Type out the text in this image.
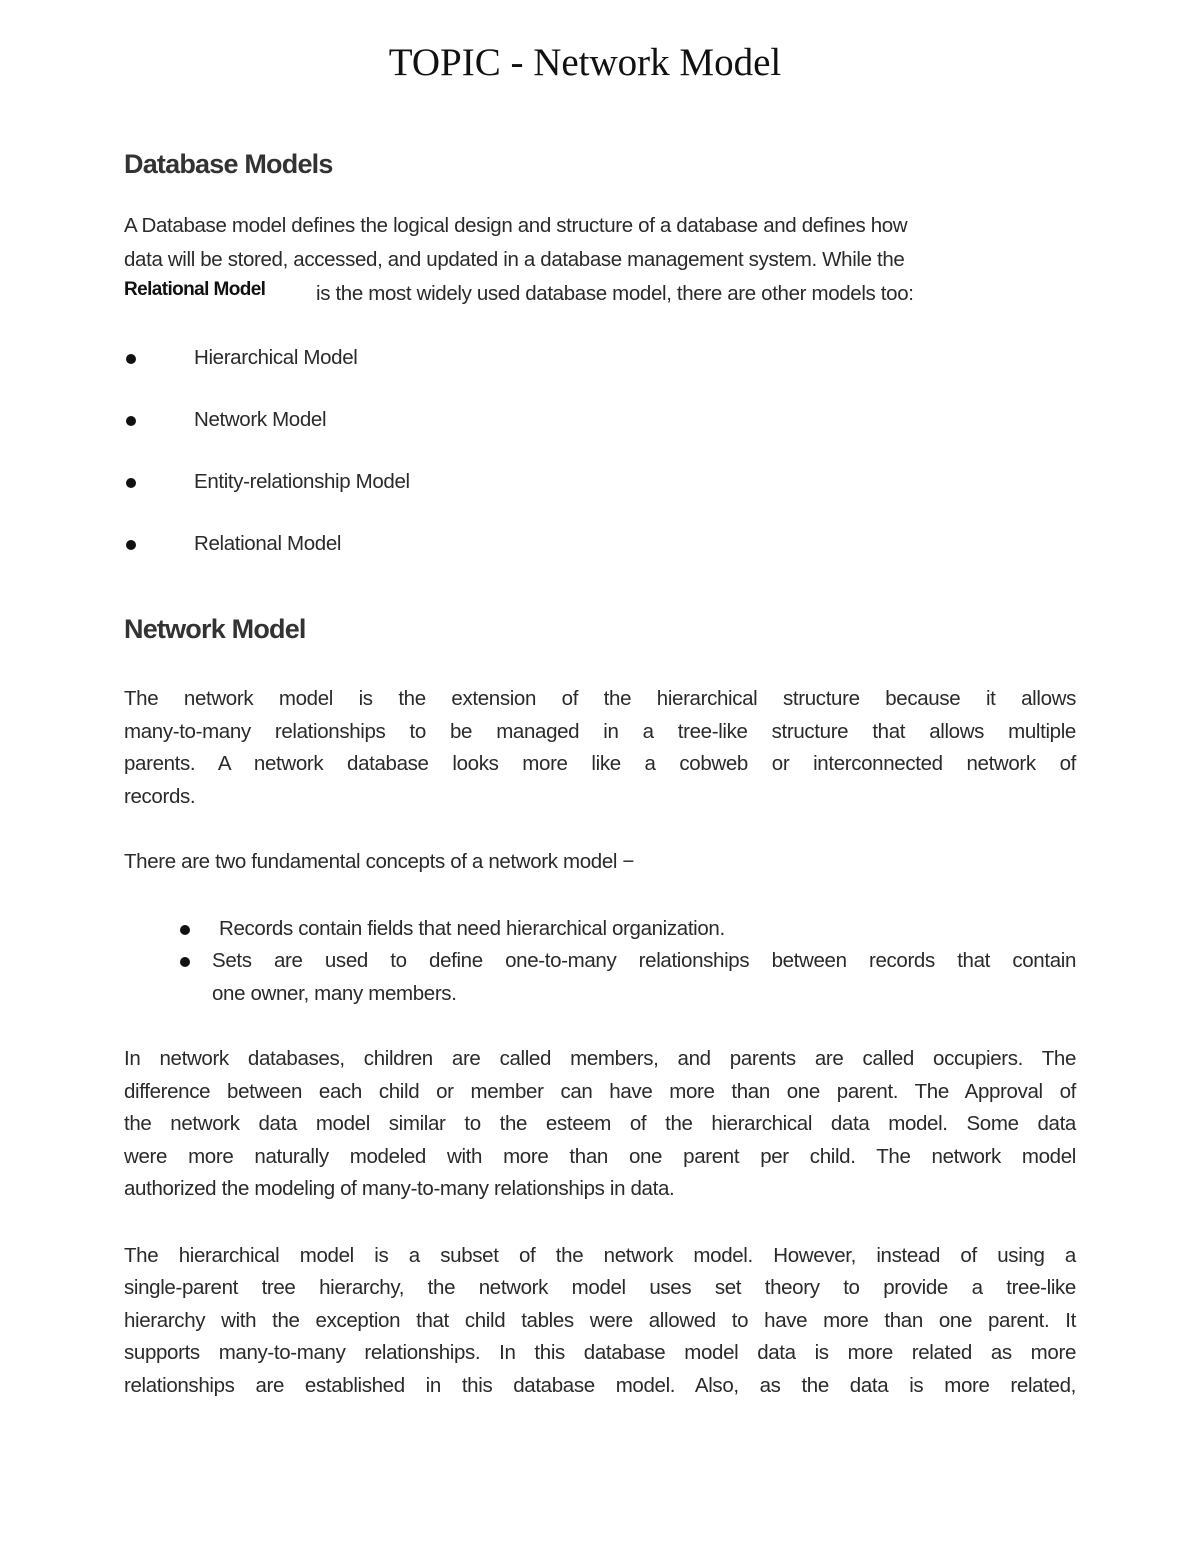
TOPIC - Network Model
Database Models
A Database model defines the logical design and structure of a database and defines how
data will be stored, accessed, and updated in a database management system. While the
Relational Model is the most widely used database model, there are other models too:
Hierarchical Model
Network Model
Entity-relationship Model
Relational Model
Network Model
The network model is the extension of the hierarchical structure because it allows
many-to-many relationships to be managed in a tree-like structure that allows multiple
parents. A network database looks more like a cobweb or interconnected network of
records.
There are two fundamental concepts of a network model −
Records contain fields that need hierarchical organization.
Sets are used to define one-to-many relationships between records that contain
one owner, many members.
In network databases, children are called members, and parents are called occupiers. The
difference between each child or member can have more than one parent. The Approval of
the network data model similar to the esteem of the hierarchical data model. Some data
were more naturally modeled with more than one parent per child. The network model
authorized the modeling of many-to-many relationships in data.
The hierarchical model is a subset of the network model. However, instead of using a
single-parent tree hierarchy, the network model uses set theory to provide a tree-like
hierarchy with the exception that child tables were allowed to have more than one parent. It
supports many-to-many relationships. In this database model data is more related as more
relationships are established in this database model. Also, as the data is more related,
